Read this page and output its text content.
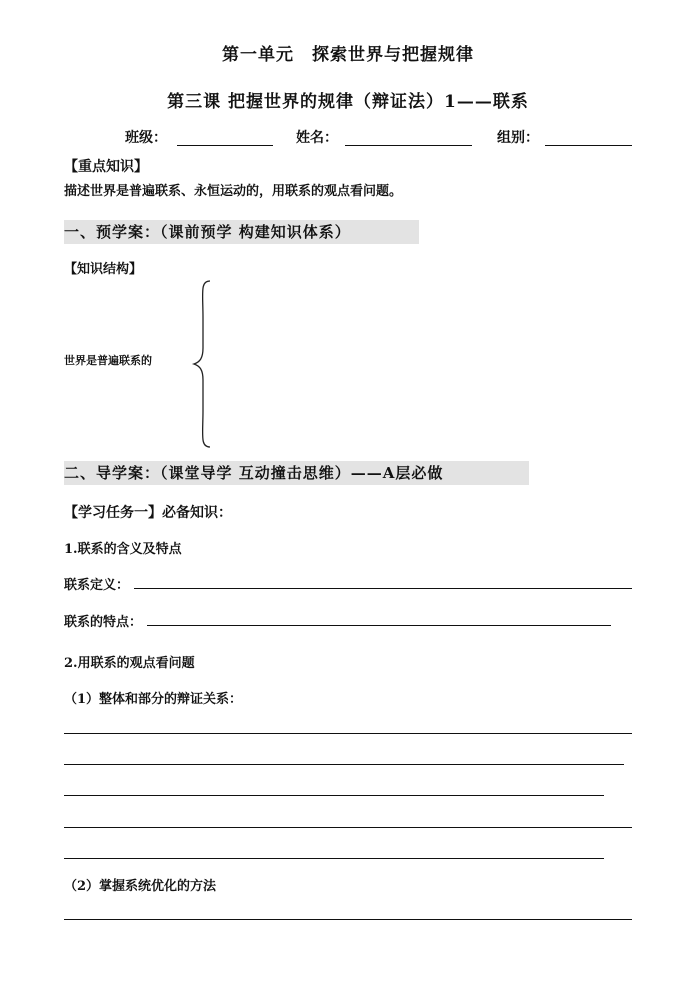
第一单元　探索世界与把握规律
第三课 把握世界的规律（辩证法）1——联系
班级：	姓名：	组别：
【重点知识】
描述世界是普遍联系、永恒运动的，用联系的观点看问题。
一、预学案：（课前预学 构建知识体系）
【知识结构】
世界是普遍联系的
二、导学案：（课堂导学 互动撞击思维）——A层必做
【学习任务一】必备知识：
1.联系的含义及特点
联系定义：
联系的特点：
2.用联系的观点看问题
（1）整体和部分的辩证关系：
（2）掌握系统优化的方法
